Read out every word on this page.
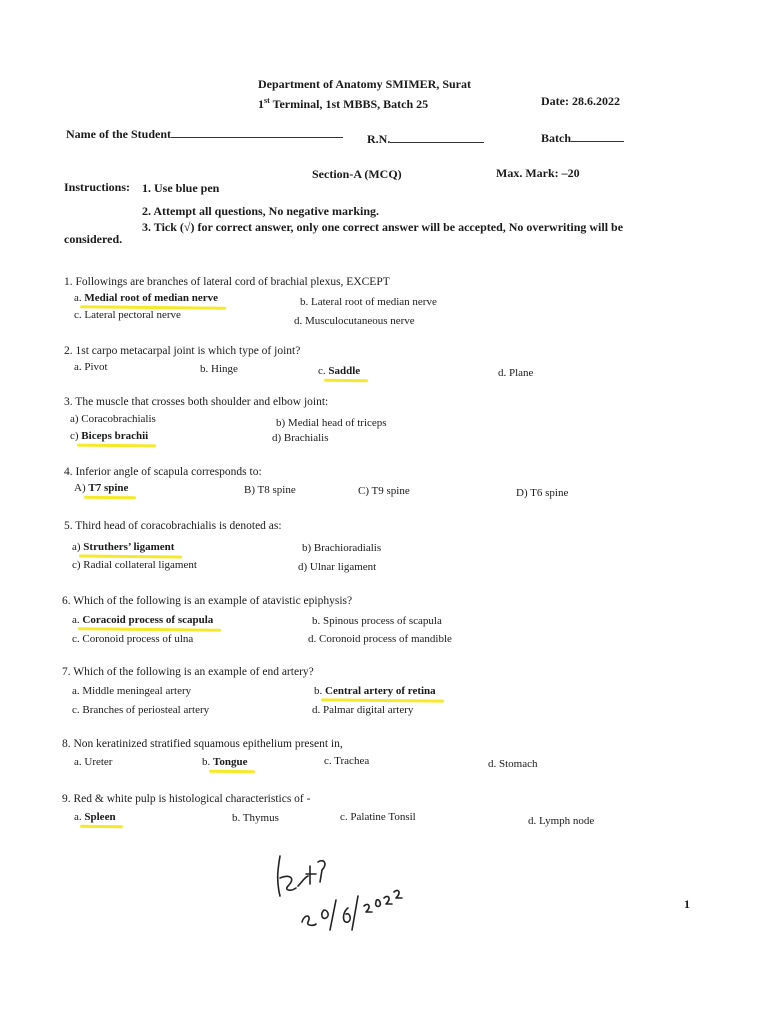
Department of Anatomy SMIMER, Surat
1st Terminal, 1st MBBS, Batch 25	Date: 28.6.2022
Name of the Student	R.N.	Batch
Section-A (MCQ)	Max. Mark: –20
Instructions: 1. Use blue pen
2. Attempt all questions, No negative marking.
3. Tick (√) for correct answer, only one correct answer will be accepted, No overwriting will be
considered.
1. Followings are branches of lateral cord of brachial plexus, EXCEPT
a. Medial root of median nerve	b. Lateral root of median nerve
c. Lateral pectoral nerve	d. Musculocutaneous nerve
2. 1st carpo metacarpal joint is which type of joint?
a. Pivot	b. Hinge	c. Saddle	d. Plane
3. The muscle that crosses both shoulder and elbow joint:
a) Coracobrachialis	b) Medial head of triceps
c) Biceps brachii	d) Brachialis
4. Inferior angle of scapula corresponds to:
A) T7 spine	B) T8 spine	C) T9 spine	D) T6 spine
5. Third head of coracobrachialis is denoted as:
a) Struthers’ ligament	b) Brachioradialis
c) Radial collateral ligament	d) Ulnar ligament
6. Which of the following is an example of atavistic epiphysis?
a. Coracoid process of scapula	b. Spinous process of scapula
c. Coronoid process of ulna	d. Coronoid process of mandible
7. Which of the following is an example of end artery?
a. Middle meningeal artery	b. Central artery of retina
c. Branches of periosteal artery	d. Palmar digital artery
8. Non keratinized stratified squamous epithelium present in,
a. Ureter	b. Tongue	c. Trachea	d. Stomach
9. Red & white pulp is histological characteristics of -
a. Spleen	b. Thymus	c. Palatine Tonsil	d. Lymph node
1
